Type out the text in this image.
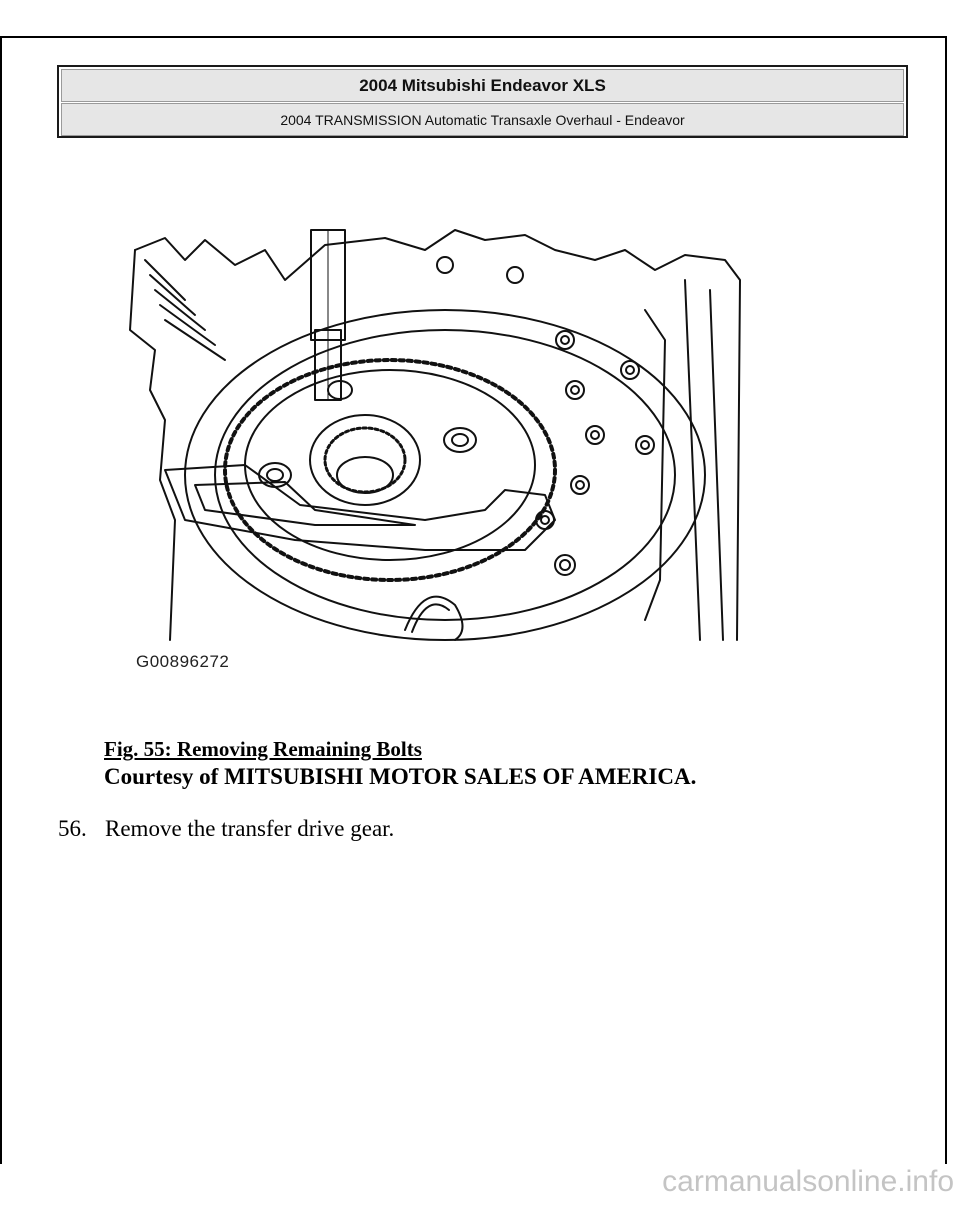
2004 Mitsubishi Endeavor XLS
2004 TRANSMISSION Automatic Transaxle Overhaul - Endeavor
G00896272
Fig. 55: Removing Remaining Bolts
Courtesy of MITSUBISHI MOTOR SALES OF AMERICA.
56. Remove the transfer drive gear.
carmanualsonline.info
